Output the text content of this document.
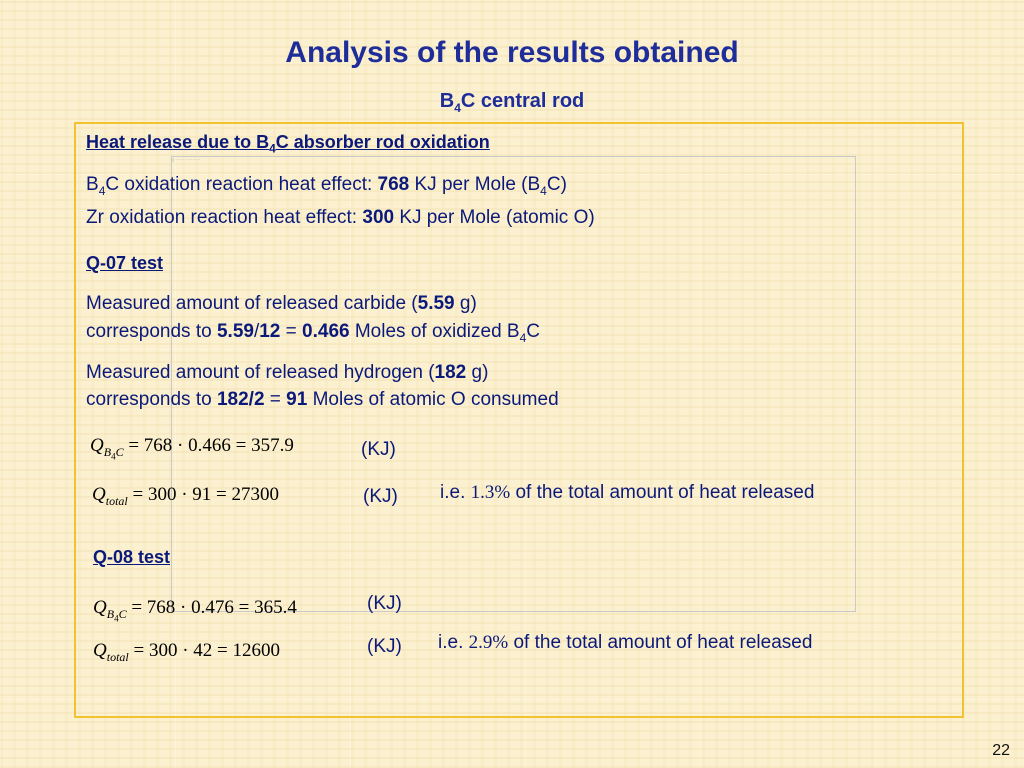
Analysis of the results obtained
$B_4C$ central rod
▯ ········ ··········
Heat release due to $B_4C$ absorber rod oxidation
$B_4C$ oxidation reaction heat effect: 768 KJ per Mole $(B_4C)$
Zr oxidation reaction heat effect: 300 KJ per Mole (atomic O)
Q-07 test
Measured amount of released carbide (5.59 g)
corresponds to 5.59/12 = 0.466 Moles of oxidized $B_4C$
Measured amount of released hydrogen (182 g)
corresponds to 182/2 = 91 Moles of atomic O consumed
$Q_{B_4C} = 768 \cdot 0.466 = 357.9$	(KJ)
$Q_{total} = 300 \cdot 91 = 27300$	(KJ) i.e. 1.3% of the total amount of heat released
Q-08 test
$Q_{B_4C} = 768 \cdot 0.476 = 365.4$	(KJ)
$Q_{total} = 300 \cdot 42 = 12600$	(KJ) i.e. 2.9% of the total amount of heat released
22
